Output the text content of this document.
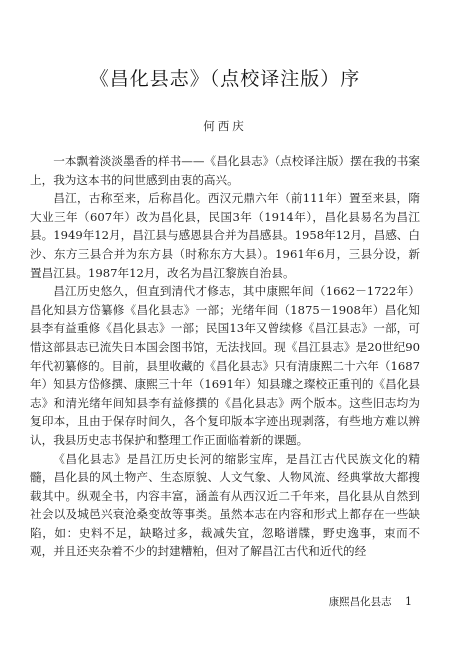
《昌化县志》（点校译注版）序
何西庆

一本飘着淡淡墨香的样书——《昌化县志》（点校译注版）摆在我的书案上，我为这本书的问世感到由衷的高兴。

昌江，古称至来，后称昌化。西汉元鼎六年（前111年）置至来县，隋大业三年（607年）改为昌化县，民国3年（1914年），昌化县易名为昌江县。1949年12月，昌江县与感恩县合并为昌感县。1958年12月，昌感、白沙、东方三县合并为东方县（时称东方大县）。1961年6月，三县分设，新置昌江县。1987年12月，改名为昌江黎族自治县。

昌江历史悠久，但直到清代才修志，其中康熙年间（1662－1722年）昌化知县方岱纂修《昌化县志》一部；光绪年间（1875－1908年）昌化知县李有益重修《昌化县志》一部；民国13年又曾续修《昌江县志》一部，可惜这部县志已流失日本国会图书馆，无法找回。现《昌江县志》是20世纪90年代初纂修的。目前，县里收藏的《昌化县志》只有清康熙二十六年（1687年）知县方岱修撰、康熙三十年（1691年）知县璩之璨校正重刊的《昌化县志》和清光绪年间知县李有益修撰的《昌化县志》两个版本。这些旧志均为复印本，且由于保存时间久，各个复印版本字迹出现剥落，有些地方难以辨认，我县历史志书保护和整理工作正面临着新的课题。

《昌化县志》是昌江历史长河的缩影宝库，是昌江古代民族文化的精髓，昌化县的风土物产、生态原貌、人文气象、人物风流、经典掌故大都搜载其中。纵观全书，内容丰富，涵盖有从西汉近二千年来，昌化县从自然到社会以及城邑兴衰沧桑变故等事类。虽然本志在内容和形式上都存在一些缺陷，如：史料不足，缺略过多，裁减失宜，忽略谱牒，野史逸事，束而不观，并且还夹杂着不少的封建糟粕，但对了解昌江古代和近代的经

康熙昌化县志 1
